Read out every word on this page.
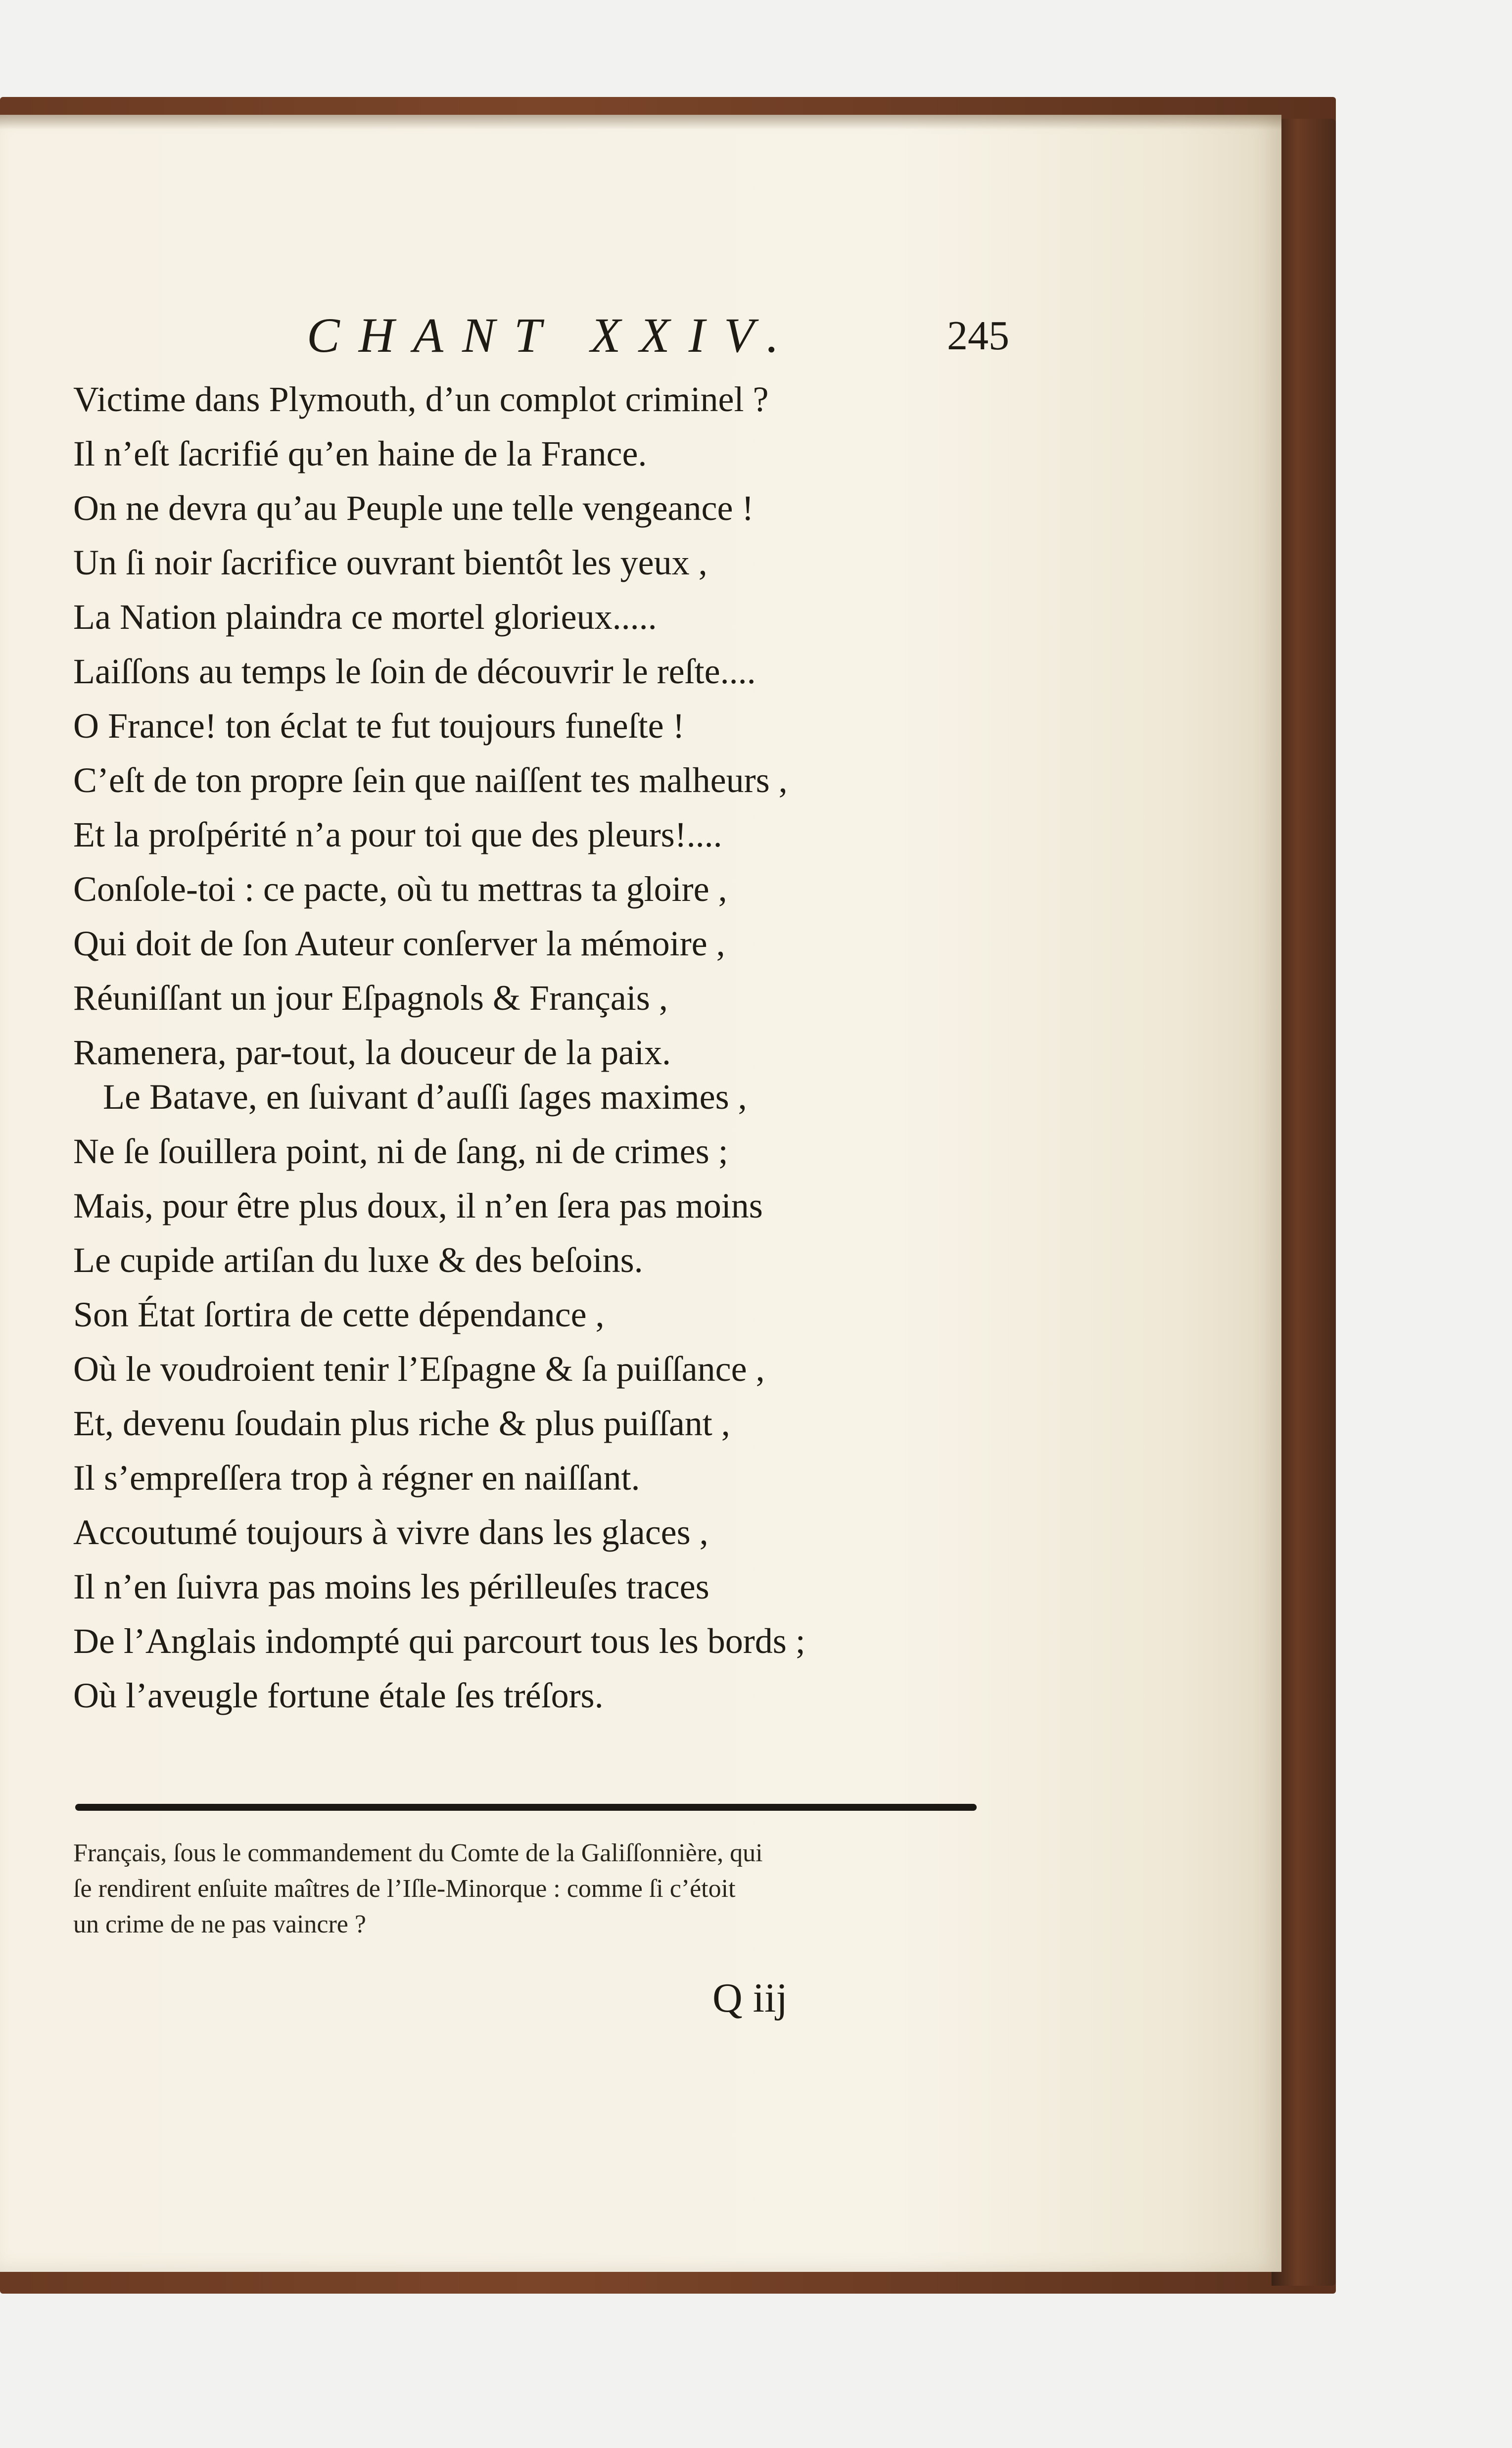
CHANT XXIV.	245

Victime dans Plymouth, d’un complot criminel ?

Il n’eſt ſacrifié qu’en haine de la France.

On ne devra qu’au Peuple une telle vengeance !

Un ſi noir ſacrifice ouvrant bientôt les yeux ,

La Nation plaindra ce mortel glorieux.....

Laiſſons au temps le ſoin de découvrir le reſte....

O France! ton éclat te fut toujours funeſte !

C’eſt de ton propre ſein que naiſſent tes malheurs ,

Et la proſpérité n’a pour toi que des pleurs!....

Conſole-toi : ce pacte, où tu mettras ta gloire ,

Qui doit de ſon Auteur conſerver la mémoire ,

Réuniſſant un jour Eſpagnols & Français ,

Ramenera, par-tout, la douceur de la paix.

Le Batave, en ſuivant d’auſſi ſages maximes ,

Ne ſe ſouillera point, ni de ſang, ni de crimes ;

Mais, pour être plus doux, il n’en ſera pas moins

Le cupide artiſan du luxe & des beſoins.

Son État ſortira de cette dépendance ,

Où le voudroient tenir l’Eſpagne & ſa puiſſance ,

Et, devenu ſoudain plus riche & plus puiſſant ,

Il s’empreſſera trop à régner en naiſſant.

Accoutumé toujours à vivre dans les glaces ,

Il n’en ſuivra pas moins les périlleuſes traces

De l’Anglais indompté qui parcourt tous les bords ;

Où l’aveugle fortune étale ſes tréſors.

Français, ſous le commandement du Comte de la Galiſſonnière, qui

ſe rendirent enſuite maîtres de l’Iſle-Minorque : comme ſi c’étoit

un crime de ne pas vaincre ?

Q iij
